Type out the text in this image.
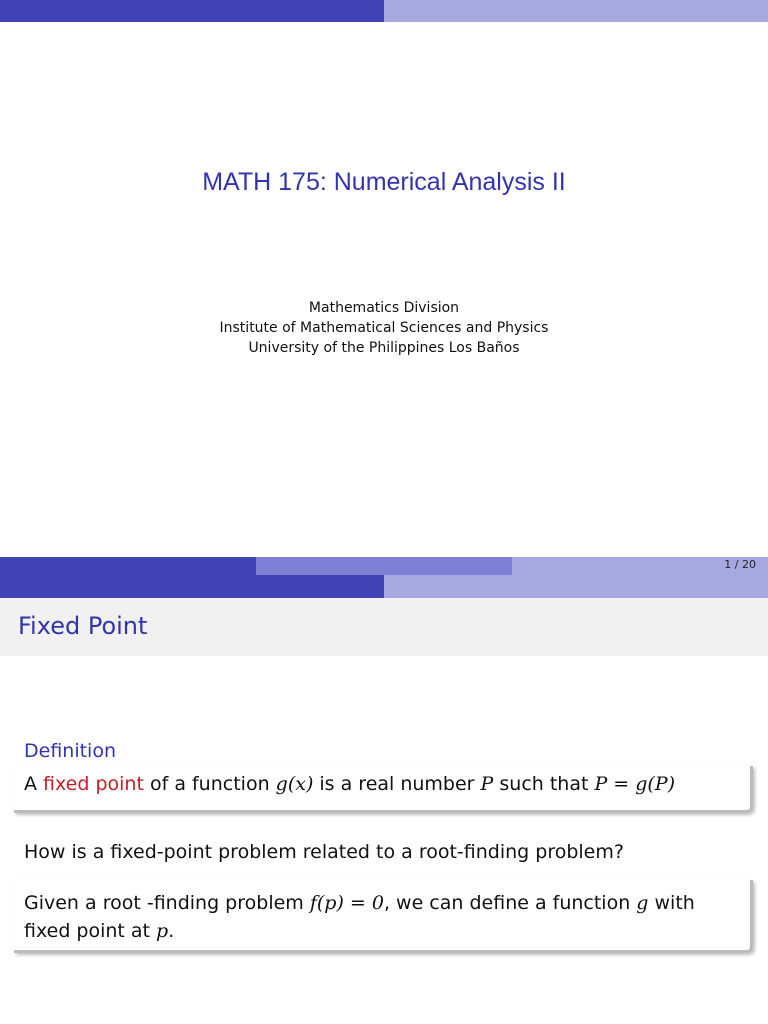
MATH 175: Numerical Analysis II
Mathematics Division
Institute of Mathematical Sciences and Physics
University of the Philippines Los Baños
1 / 20
Fixed Point
Definition
A fixed point of a function g(x) is a real number P such that P = g(P)
How is a fixed-point problem related to a root-finding problem?
Given a root -finding problem f(p) = 0, we can define a function g with fixed point at p.
